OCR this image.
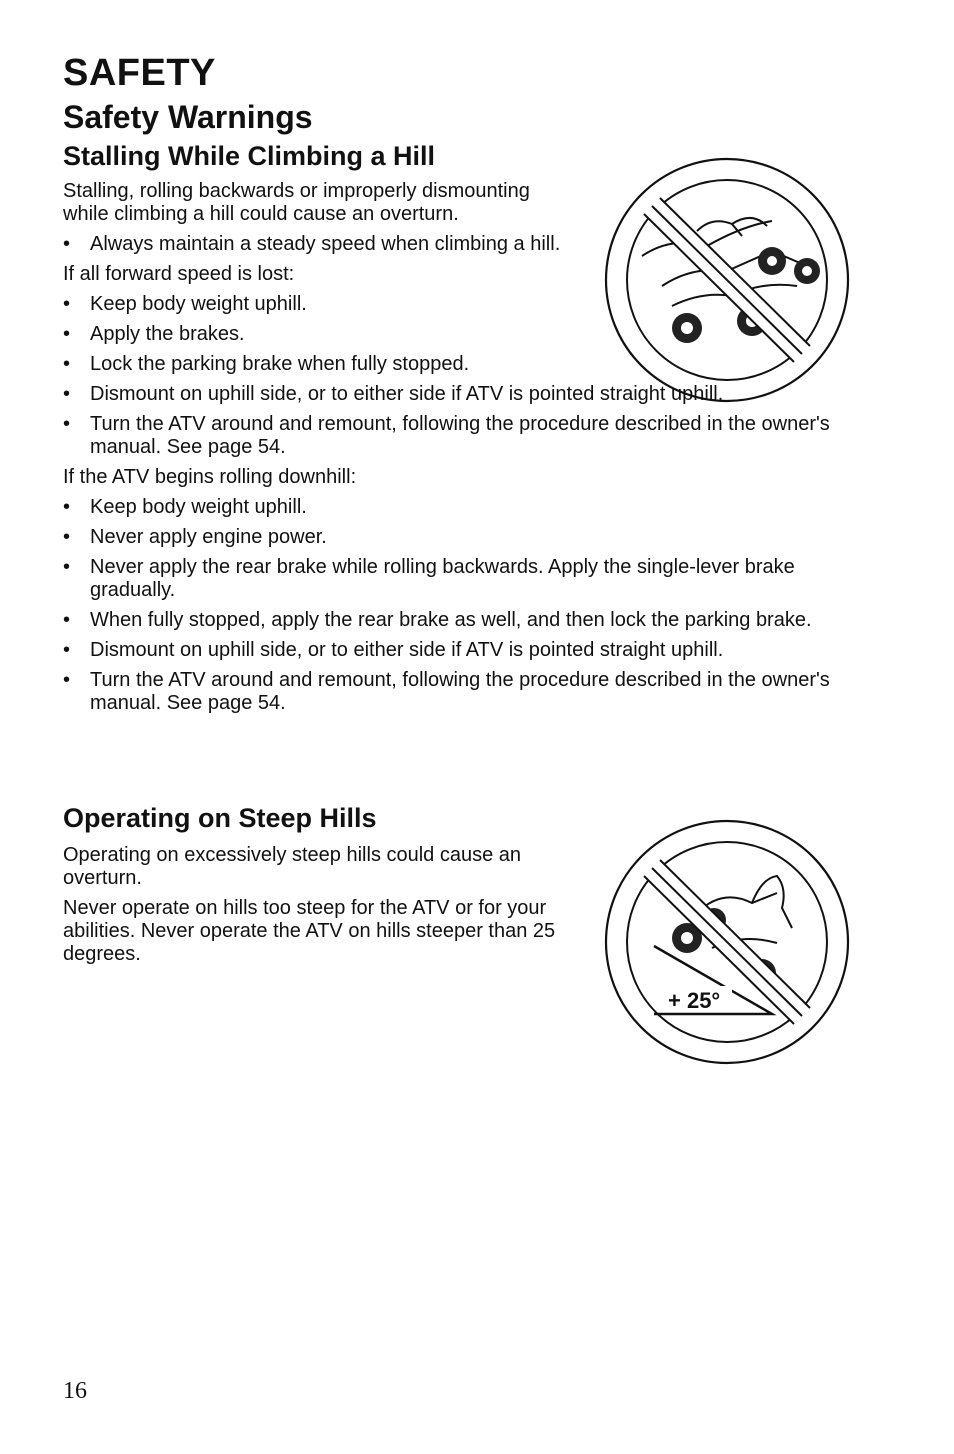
SAFETY
Safety Warnings
Stalling While Climbing a Hill

Stalling, rolling backwards or improperly dismounting while climbing a hill could cause an overturn.

• Always maintain a steady speed when climbing a hill.

If all forward speed is lost:

• Keep body weight uphill.
• Apply the brakes.
• Lock the parking brake when fully stopped.
• Dismount on uphill side, or to either side if ATV is pointed straight uphill.
• Turn the ATV around and remount, following the procedure described in the owner's manual. See page 54.

If the ATV begins rolling downhill:

• Keep body weight uphill.
• Never apply engine power.
• Never apply the rear brake while rolling backwards. Apply the single-lever brake gradually.
• When fully stopped, apply the rear brake as well, and then lock the parking brake.
• Dismount on uphill side, or to either side if ATV is pointed straight uphill.
• Turn the ATV around and remount, following the procedure described in the owner's manual. See page 54.
Operating on Steep Hills

Operating on excessively steep hills could cause an overturn.

Never operate on hills too steep for the ATV or for your abilities. Never operate the ATV on hills steeper than 25 degrees.

+ 25°
16
